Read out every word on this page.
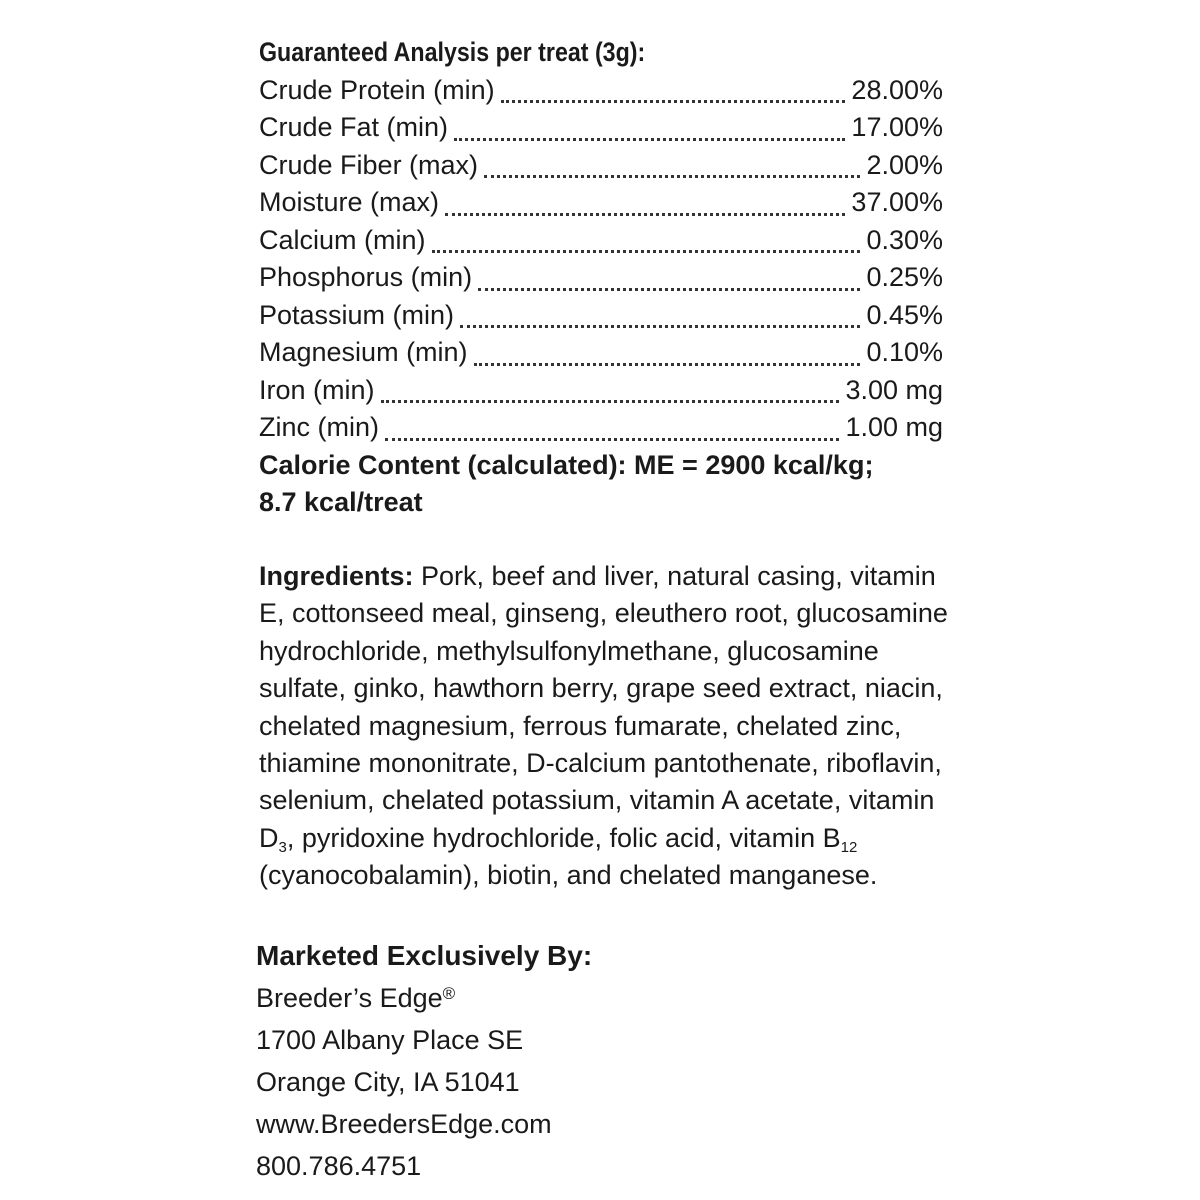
Guaranteed Analysis per treat (3g):
Crude Protein (min)	28.00%
Crude Fat (min)	17.00%
Crude Fiber (max)	2.00%
Moisture (max)	37.00%
Calcium (min)	0.30%
Phosphorus (min)	0.25%
Potassium (min)	0.45%
Magnesium (min)	0.10%
Iron (min)	3.00 mg
Zinc (min)	1.00 mg
Calorie Content (calculated): ME = 2900 kcal/kg;
8.7 kcal/treat
Ingredients: Pork, beef and liver, natural casing, vitamin E, cottonseed meal, ginseng, eleuthero root, glucosamine hydrochloride, methylsulfonylmethane, glucosamine sulfate, ginko, hawthorn berry, grape seed extract, niacin, chelated magnesium, ferrous fumarate, chelated zinc, thiamine mononitrate, D-calcium pantothenate, riboflavin, selenium, chelated potassium, vitamin A acetate, vitamin $D_3$, pyridoxine hydrochloride, folic acid, vitamin $B_{12}$ (cyanocobalamin), biotin, and chelated manganese.
Marketed Exclusively By:
Breeder’s Edge®
1700 Albany Place SE
Orange City, IA 51041
www.BreedersEdge.com
800.786.4751
